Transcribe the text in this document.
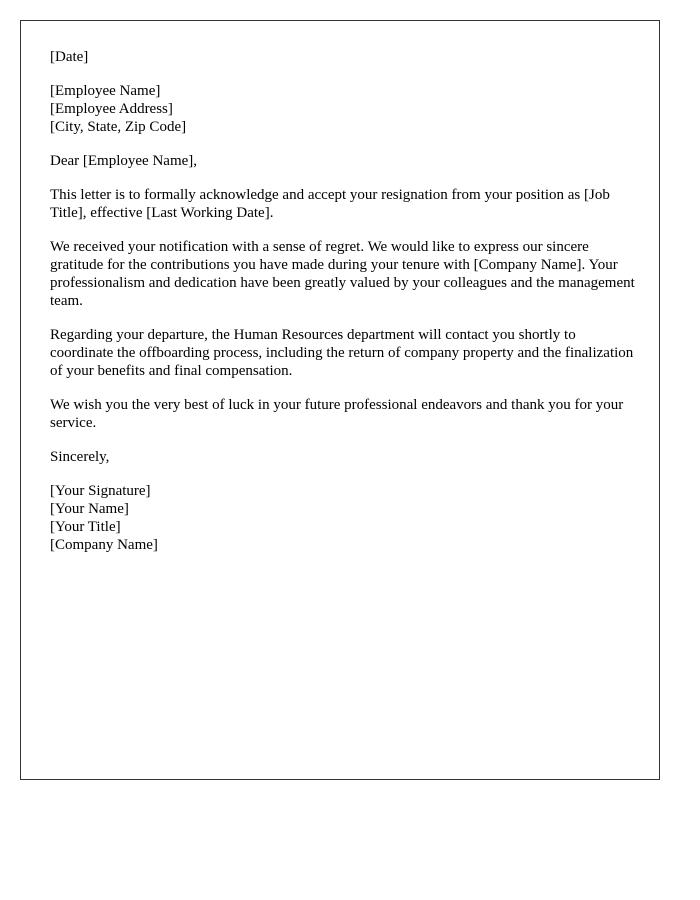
[Date]
[Employee Name]
[Employee Address]
[City, State, Zip Code]
Dear [Employee Name],

This letter is to formally acknowledge and accept your resignation from your position as [Job Title], effective [Last Working Date].

We received your notification with a sense of regret. We would like to express our sincere gratitude for the contributions you have made during your tenure with [Company Name]. Your professionalism and dedication have been greatly valued by your colleagues and the management team.

Regarding your departure, the Human Resources department will contact you shortly to coordinate the offboarding process, including the return of company property and the finalization of your benefits and final compensation.

We wish you the very best of luck in your future professional endeavors and thank you for your service.

Sincerely,
[Your Signature]
[Your Name]
[Your Title]
[Company Name]
